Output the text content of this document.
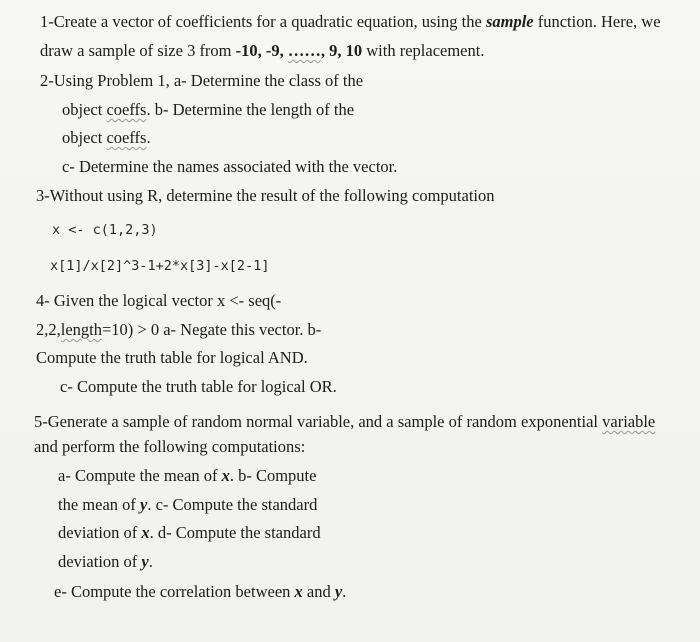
1-Create a vector of coefficients for a quadratic equation, using the sample function. Here, we
draw a sample of size 3 from -10, -9, ……, 9, 10 with replacement.
2-Using Problem 1, a- Determine the class of the
object coeffs. b- Determine the length of the
object coeffs.
c- Determine the names associated with the vector.
3-Without using R, determine the result of the following computation
x <- c(1,2,3)
x[1]/x[2]^3-1+2*x[3]-x[2-1]
4- Given the logical vector x <- seq(-
2,2,length=10) > 0 a- Negate this vector. b-
Compute the truth table for logical AND.
c- Compute the truth table for logical OR.
5-Generate a sample of random normal variable, and a sample of random exponential variable
and perform the following computations:
a- Compute the mean of x. b- Compute
the mean of y. c- Compute the standard
deviation of x. d- Compute the standard
deviation of y.
e- Compute the correlation between x and y.
